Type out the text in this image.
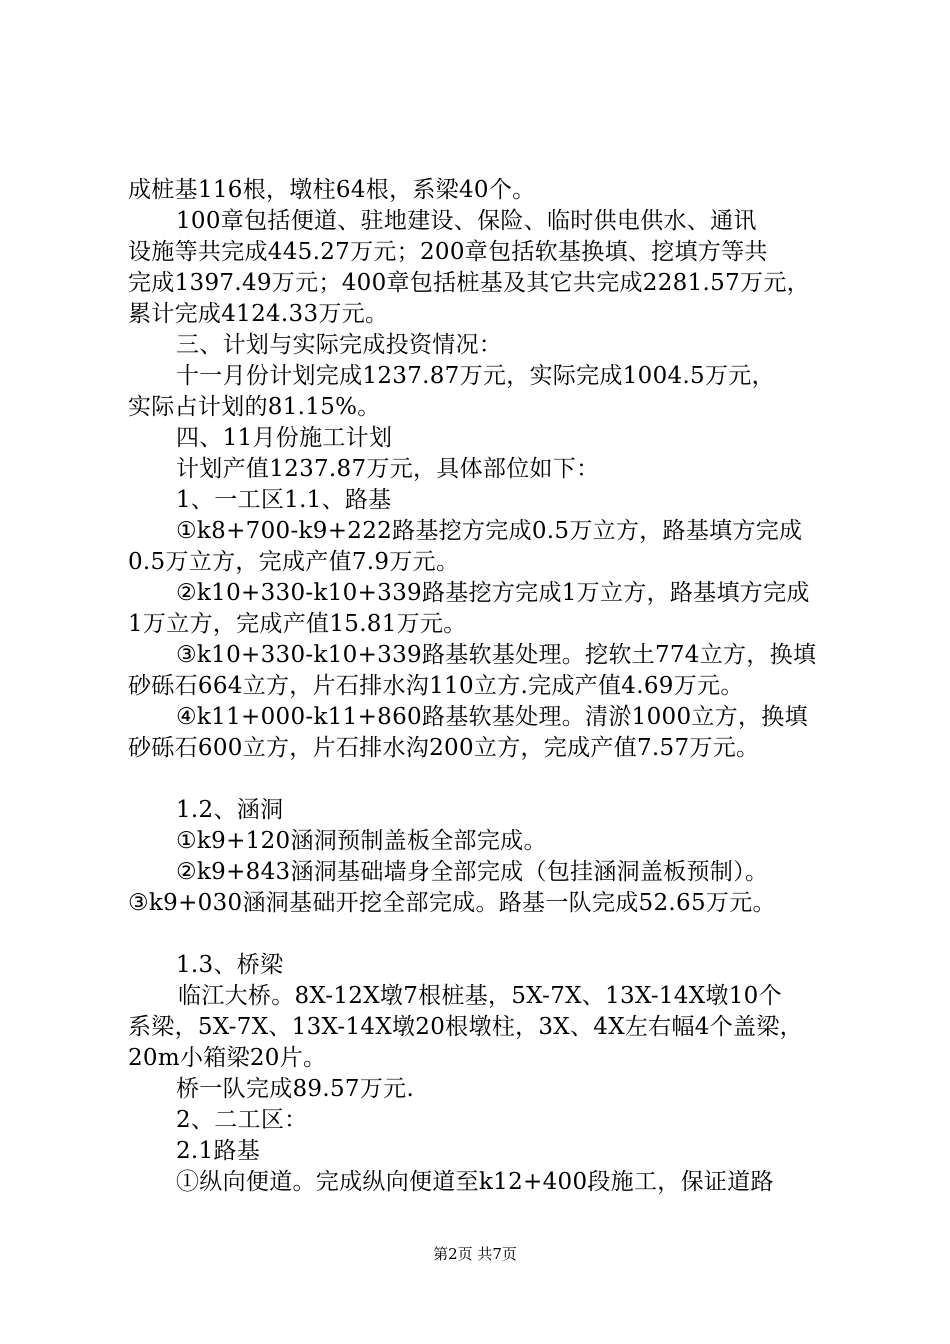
成桩基116根，墩柱64根，系梁40个。
100章包括便道、驻地建设、保险、临时供电供水、通讯
设施等共完成445.27万元；200章包括软基换填、挖填方等共
完成1397.49万元；400章包括桩基及其它共完成2281.57万元，
累计完成4124.33万元。
三、计划与实际完成投资情况：
十一月份计划完成1237.87万元，实际完成1004.5万元，
实际占计划的81.15%。
四、11月份施工计划
计划产值1237.87万元，具体部位如下：
1、一工区1.1、路基
①k8+700-k9+222路基挖方完成0.5万立方，路基填方完成
0.5万立方，完成产值7.9万元。
②k10+330-k10+339路基挖方完成1万立方，路基填方完成
1万立方，完成产值15.81万元。
③k10+330-k10+339路基软基处理。挖软土774立方，换填
砂砾石664立方，片石排水沟110立方.完成产值4.69万元。
④k11+000-k11+860路基软基处理。清淤1000立方，换填
砂砾石600立方，片石排水沟200立方，完成产值7.57万元。
1.2、涵洞
①k9+120涵洞预制盖板全部完成。
②k9+843涵洞基础墙身全部完成（包挂涵洞盖板预制）。
③k9+030涵洞基础开挖全部完成。路基一队完成52.65万元。
1.3、桥梁
临江大桥。8X-12X墩7根桩基，5X-7X、13X-14X墩10个
系梁，5X-7X、13X-14X墩20根墩柱，3X、4X左右幅4个盖梁，
20m小箱梁20片。
桥一队完成89.57万元.
2、二工区：
2.1路基
①纵向便道。完成纵向便道至k12+400段施工，保证道路
第2页 共7页
